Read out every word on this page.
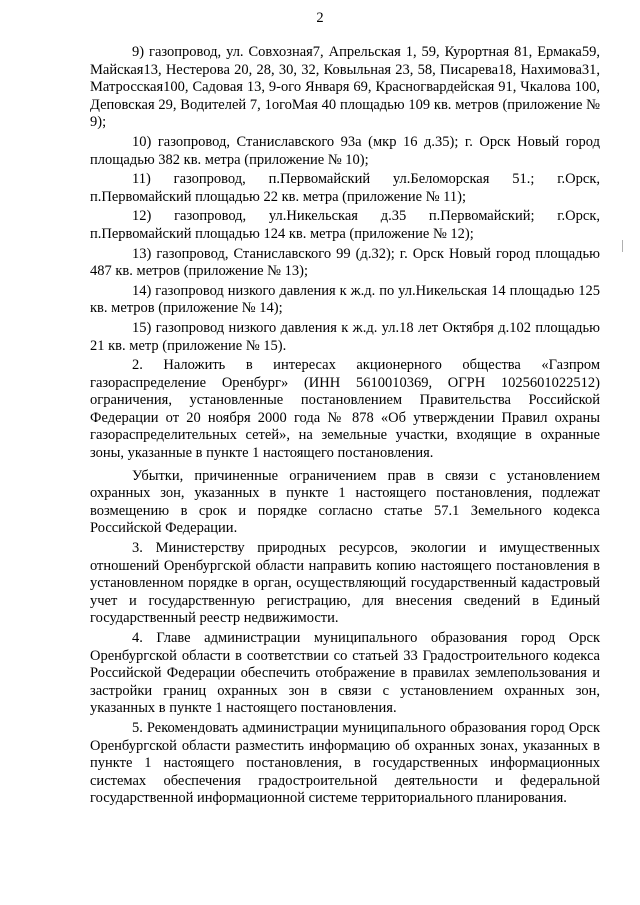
2

9) газопровод, ул. Совхозная7, Апрельская 1, 59, Курортная 81, Ермака59, Майская13, Нестерова 20, 28, 30, 32, Ковыльная 23, 58, Писарева18, Нахимова31, Матросская100, Садовая 13, 9-ого Января 69, Красногвардейская 91, Чкалова 100, Деповская 29, Водителей 7, 1огоМая 40 площадью 109 кв. метров (приложение № 9);

10) газопровод, Станиславского 93а (мкр 16 д.35); г. Орск Новый город площадью 382 кв. метра (приложение № 10);

11) газопровод, п.Первомайский ул.Беломорская 51.; г.Орск, п.Первомайский площадью 22 кв. метра (приложение № 11);

12) газопровод, ул.Никельская д.35 п.Первомайский; г.Орск, п.Первомайский площадью 124 кв. метра (приложение № 12);

13) газопровод, Станиславского 99 (д.32); г. Орск Новый город площадью 487 кв. метров (приложение № 13);

14) газопровод низкого давления к ж.д. по ул.Никельская 14 площадью 125 кв. метров (приложение № 14);

15) газопровод низкого давления к ж.д. ул.18 лет Октября д.102 площадью 21 кв. метр (приложение № 15).

2. Наложить в интересах акционерного общества «Газпром газораспределение Оренбург» (ИНН 5610010369, ОГРН 1025601022512) ограничения, установленные постановлением Правительства Российской Федерации от 20 ноября 2000 года № 878 «Об утверждении Правил охраны газораспределительных сетей», на земельные участки, входящие в охранные зоны, указанные в пункте 1 настоящего постановления.

Убытки, причиненные ограничением прав в связи с установлением охранных зон, указанных в пункте 1 настоящего постановления, подлежат возмещению в срок и порядке согласно статье 57.1 Земельного кодекса Российской Федерации.

3. Министерству природных ресурсов, экологии и имущественных отношений Оренбургской области направить копию настоящего постановления в установленном порядке в орган, осуществляющий государственный кадастровый учет и государственную регистрацию, для внесения сведений в Единый государственный реестр недвижимости.

4. Главе администрации муниципального образования город Орск Оренбургской области в соответствии со статьей 33 Градостроительного кодекса Российской Федерации обеспечить отображение в правилах землепользования и застройки границ охранных зон в связи с установлением охранных зон, указанных в пункте 1 настоящего постановления.

5. Рекомендовать администрации муниципального образования город Орск Оренбургской области разместить информацию об охранных зонах, указанных в пункте 1 настоящего постановления, в государственных информационных системах обеспечения градостроительной деятельности и федеральной государственной информационной системе территориального планирования.
